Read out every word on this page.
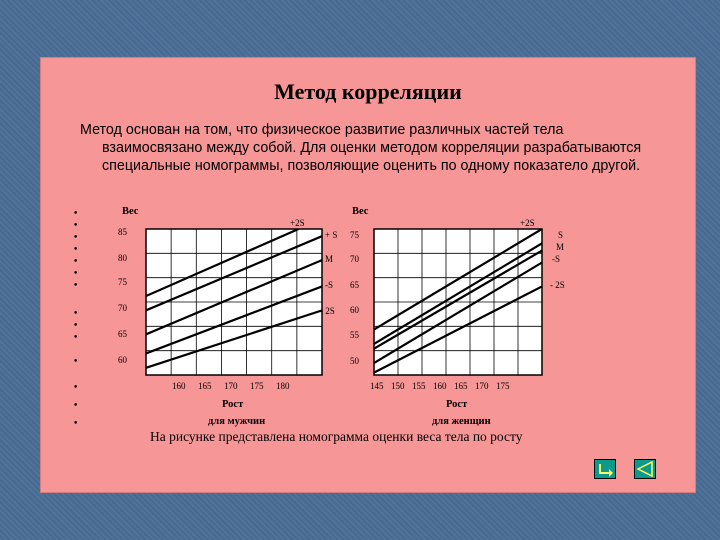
Метод корреляции
Метод основан на том, что физическое развитие различных частей тела
взаимосвязано между собой. Для оценки методом корреляции разрабатываются специальные номограммы, позволяющие оценить по одному показатело другой.
•
•
•
•
•
•
•
•
•
•
•
•
•
•
Вес
Рост
для мужчин
85
80
75
70
65
60
160 165 170 175 180
+2S
+ S
M
-S
- 2S
Вес
Рост
для женщин
75
70
65
60
55
50
145 150 155 160 165 170 175
+2S
S
M
-S
- 2S
На рисунке представлена номограмма оценки веса тела по росту
